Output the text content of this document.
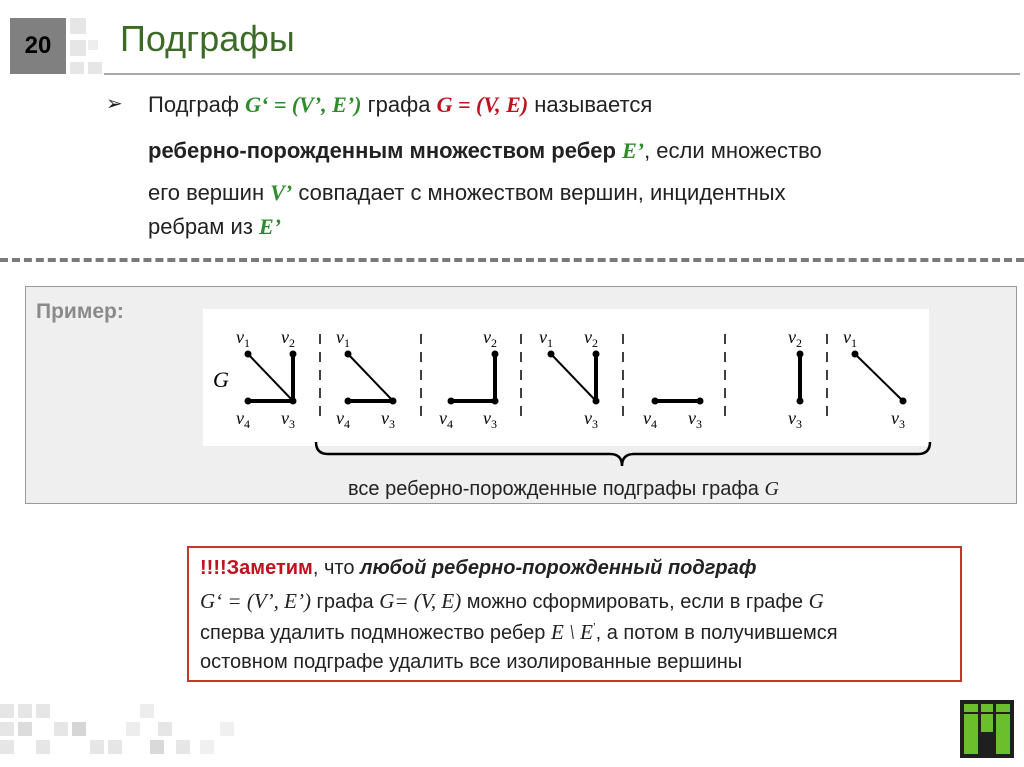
20	Подграфы
➢ Подграф G‘ = (V’, E’) графа G = (V, E) называется
реберно-порожденным множеством ребер E’, если множество
его вершин V’ совпадает с множеством вершин, инцидентных
ребрам из E’
Пример:
G
$v_1$ $v_2$
$v_4$ $v_3$
$v_1$
$v_4$ $v_3$
$v_2$
$v_4$ $v_3$
$v_1$ $v_2$
$v_3$	$v_4$ $v_3$
$v_2$
$v_3$
$v_1$
$v_3$
все реберно-порожденные подграфы графа G
!!!!Заметим, что любой реберно-порожденный подграф
G‘ = (V’, E’) графа G= (V, E) можно сформировать, если в графе G
сперва удалить подмножество ребер E \ E’, а потом в получившемся
остовном подграфе удалить все изолированные вершины
